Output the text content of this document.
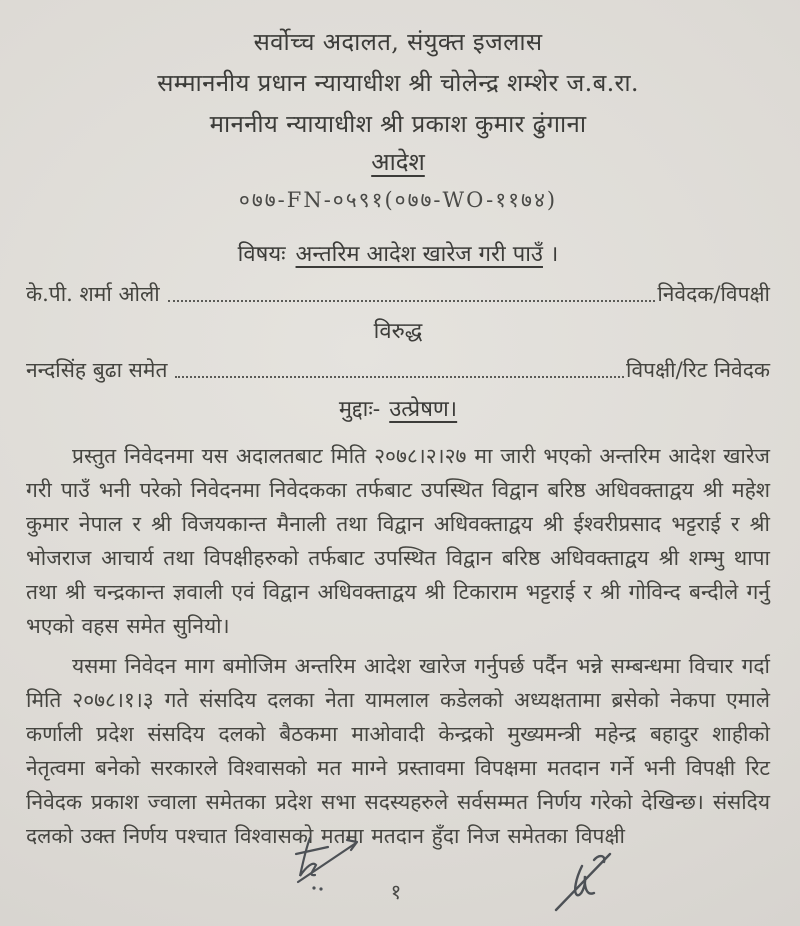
सर्वोच्च अदालत, संयुक्त इजलास
सम्माननीय प्रधान न्यायाधीश श्री चोलेन्द्र शम्शेर ज.ब.रा.
माननीय न्यायाधीश श्री प्रकाश कुमार ढुंगाना
आदेश
०७७-FN-०५९१(०७७-WO-११७४)
विषयः अन्तरिम आदेश खारेज गरी पाउँ ।
के.पी. शर्मा ओली	निवेदक/विपक्षी
विरुद्ध
नन्दसिंह बुढा समेत	विपक्षी/रिट निवेदक
मुद्दाः- उत्प्रेषण।

प्रस्तुत निवेदनमा यस अदालतबाट मिति २०७८।२।२७ मा जारी भएको अन्तरिम आदेश खारेज गरी पाउँ भनी परेको निवेदनमा निवेदकका तर्फबाट उपस्थित विद्वान बरिष्ठ अधिवक्ताद्वय श्री महेश कुमार नेपाल र श्री विजयकान्त मैनाली तथा विद्वान अधिवक्ताद्वय श्री ईश्वरीप्रसाद भट्टराई र श्री भोजराज आचार्य तथा विपक्षीहरुको तर्फबाट उपस्थित विद्वान बरिष्ठ अधिवक्ताद्वय श्री शम्भु थापा तथा श्री चन्द्रकान्त ज्ञवाली एवं विद्वान अधिवक्ताद्वय श्री टिकाराम भट्टराई र श्री गोविन्द बन्दीले गर्नु भएको वहस समेत सुनियो।

यसमा निवेदन माग बमोजिम अन्तरिम आदेश खारेज गर्नुपर्छ पर्दैन भन्ने सम्बन्धमा विचार गर्दा मिति २०७८।१।३ गते संसदिय दलका नेता यामलाल कडेलको अध्यक्षतामा ब्रसेको नेकपा एमाले कर्णाली प्रदेश संसदिय दलको बैठकमा माओवादी केन्द्रको मुख्यमन्त्री महेन्द्र बहादुर शाहीको नेतृत्वमा बनेको सरकारले विश्वासको मत माग्ने प्रस्तावमा विपक्षमा मतदान गर्ने भनी विपक्षी रिट निवेदक प्रकाश ज्वाला समेतका प्रदेश सभा सदस्यहरुले सर्वसम्मत निर्णय गरेको देखिन्छ। संसदिय दलको उक्त निर्णय पश्चात विश्वासको मतमा मतदान हुँदा निज समेतका विपक्षी

१
